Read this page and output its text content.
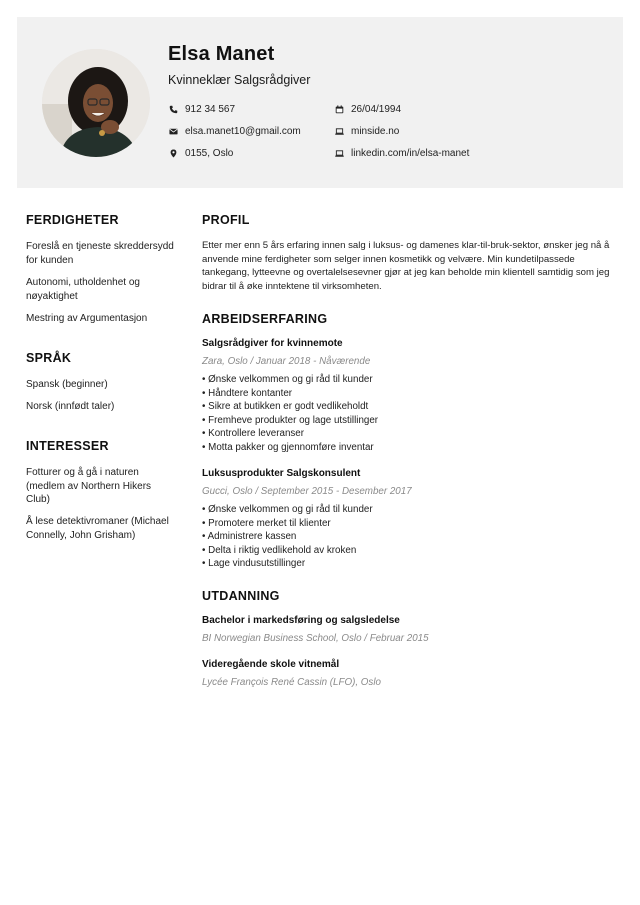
Elsa Manet
Kvinneklær Salgsrådgiver
912 34 567	26/04/1994
elsa.manet10@gmail.com	minside.no
0155, Oslo	linkedin.com/in/elsa-manet
FERDIGHETER
Foreslå en tjeneste skreddersydd for kunden
Autonomi, utholdenhet og nøyaktighet
Mestring av Argumentasjon
SPRÅK
Spansk (beginner)
Norsk (innfødt taler)
INTERESSER
Fotturer og å gå i naturen (medlem av Northern Hikers Club)
Å lese detektivromaner (Michael Connelly, John Grisham)
PROFIL
Etter mer enn 5 års erfaring innen salg i luksus- og damenes klar-til-bruk-sektor, ønsker jeg nå å anvende mine ferdigheter som selger innen kosmetikk og velvære. Min kundetilpassede tankegang, lytteevne og overtalelsesevner gjør at jeg kan beholde min klientell samtidig som jeg bidrar til å øke inntektene til virksomheten.
ARBEIDSERFARING
Salgsrådgiver for kvinnemote
Zara, Oslo / Januar 2018 - Nåværende
• Ønske velkommen og gi råd til kunder
• Håndtere kontanter
• Sikre at butikken er godt vedlikeholdt
• Fremheve produkter og lage utstillinger
• Kontrollere leveranser
• Motta pakker og gjennomføre inventar
Luksusprodukter Salgskonsulent
Gucci, Oslo / September 2015 - Desember 2017
• Ønske velkommen og gi råd til kunder
• Promotere merket til klienter
• Administrere kassen
• Delta i riktig vedlikehold av kroken
• Lage vindusutstillinger
UTDANNING
Bachelor i markedsføring og salgsledelse
BI Norwegian Business School, Oslo / Februar 2015
Videregående skole vitnemål
Lycée François René Cassin (LFO), Oslo
